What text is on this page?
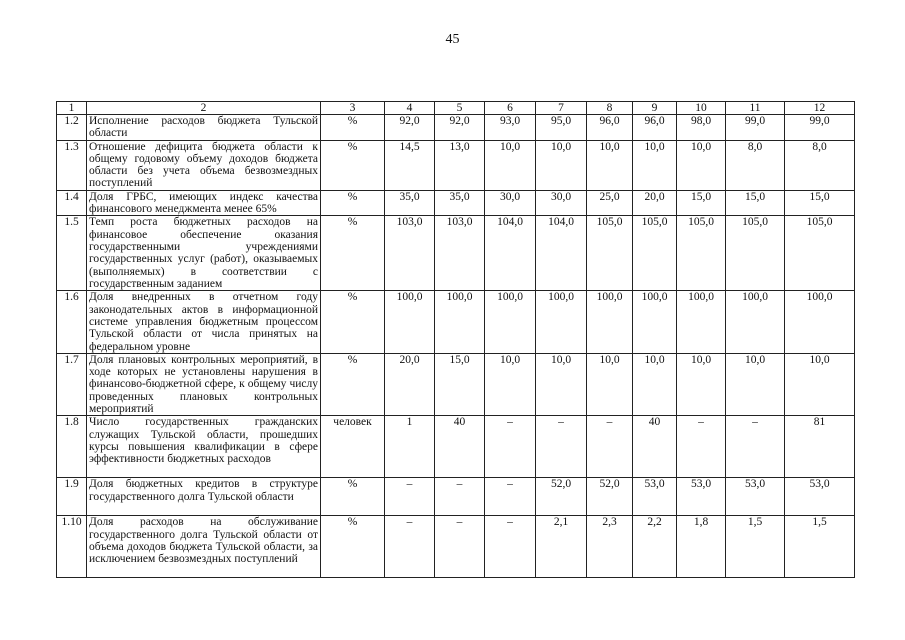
45
1	2	3	4	5	6	7	8	9	10	11	12
1.2	Исполнение расходов бюджета Тульской области	%	92,0	92,0	93,0	95,0	96,0	96,0	98,0	99,0	99,0
1.3	Отношение дефицита бюджета области к общему годовому объему доходов бюджета области без учета объема безвозмездных поступлений	%	14,5	13,0	10,0	10,0	10,0	10,0	10,0	8,0	8,0
1.4	Доля ГРБС, имеющих индекс качества финансового менеджмента менее 65%	%	35,0	35,0	30,0	30,0	25,0	20,0	15,0	15,0	15,0
1.5	Темп роста бюджетных расходов на финансовое обеспечение оказания государственными учреждениями государственных услуг (работ), оказываемых (выполняемых) в соответствии с государственным заданием	%	103,0	103,0	104,0	104,0	105,0	105,0	105,0	105,0	105,0
1.6	Доля внедренных в отчетном году законодательных актов в информационной системе управления бюджетным процессом Тульской области от числа принятых на федеральном уровне	%	100,0	100,0	100,0	100,0	100,0	100,0	100,0	100,0	100,0
1.7	Доля плановых контрольных мероприятий, в ходе которых не установлены нарушения в финансово-бюджетной сфере, к общему числу проведенных плановых контрольных мероприятий	%	20,0	15,0	10,0	10,0	10,0	10,0	10,0	10,0	10,0
1.8	Число государственных гражданских служащих Тульской области, прошедших курсы повышения квалификации в сфере эффективности бюджетных расходов	человек	1	40	–	–	–	40	–	–	81
1.9	Доля бюджетных кредитов в структуре государственного долга Тульской области	%	–	–	–	52,0	52,0	53,0	53,0	53,0	53,0
1.10	Доля расходов на обслуживание государственного долга Тульской области от объема доходов бюджета Тульской области, за исключением безвозмездных поступлений	%	–	–	–	2,1	2,3	2,2	1,8	1,5	1,5
